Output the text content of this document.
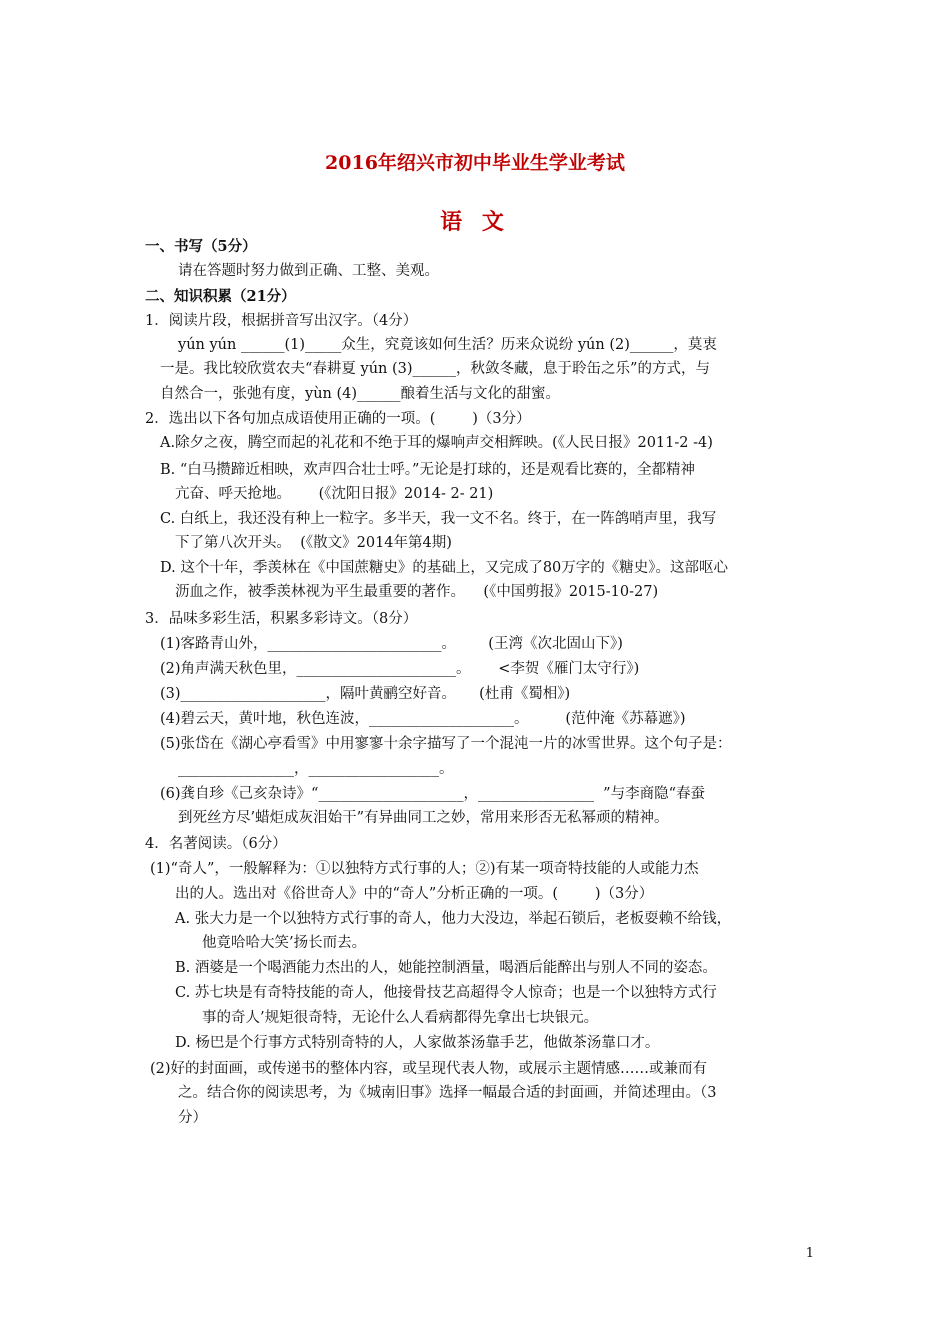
2016年绍兴市初中毕业生学业考试
语 文

一、书写（5分）

请在答题时努力做到正确、工整、美观。

二、知识积累（21分）

1．阅读片段，根据拼音写出汉字。（4分）

yún yún ______(1)_____众生，究竟该如何生活？历来众说纷 yún (2)______，莫衷

一是。我比较欣赏农夫“春耕夏 yún (3)______，秋敛冬藏，息于聆缶之乐”的方式，与

自然合一，张弛有度，yùn (4)______酿着生活与文化的甜蜜。

2．选出以下各句加点成语使用正确的一项。(        )（3分）

A.除夕之夜，腾空而起的礼花和不绝于耳的爆响声交相辉映。(《人民日报》2011-2 -4)

B. “白马攒蹄近相映，欢声四合壮士呼。”无论是打球的，还是观看比赛的，全都精神

亢奋、呼天抢地。      (《沈阳日报》2014- 2- 21)

C. 白纸上，我还没有种上一粒字。多半天，我一文不名。终于，在一阵鸽哨声里，我写

下了第八次开头。  (《散文》2014年第4期)

D. 这个十年，季羡林在《中国蔗糖史》的基础上，又完成了80万字的《糖史》。这部呕心

沥血之作，被季羡林视为平生最重要的著作。    (《中国剪报》2015-10-27)

3．品味多彩生活，积累多彩诗文。（8分）

(1)客路青山外，________________________。       (王湾《次北固山下》)

(2)角声满天秋色里，______________________。      <李贺《雁门太守行》)

(3)____________________，隔叶黄鹂空好音。     (杜甫《蜀相》)

(4)碧云天，黄叶地，秋色连波，____________________。        (范仲淹《苏幕遮》)

(5)张岱在《湖心亭看雪》中用寥寥十余字描写了一个混沌一片的冰雪世界。这个句子是：

________________，__________________。

(6)龚自珍《己亥杂诗》“____________________，________________  ”与李商隐“春蚕

到死丝方尽’蜡炬成灰泪始干”有异曲同工之妙，常用来形否无私幂顽的精神。

4．名著阅读。（6分）

(1)“奇人”，一般解释为：①以独特方式行事的人；②)有某一项奇特技能的人或能力杰

出的人。选出对《俗世奇人》中的“奇人”分析正确的一项。(        )（3分）

A. 张大力是一个以独特方式行事的奇人，他力大没边，举起石锁后，老板耍赖不给钱，

他竟哈哈大笑’扬长而去。

B. 酒婆是一个喝酒能力杰出的人，她能控制酒量，喝酒后能醉出与别人不同的姿态。

C. 苏七块是有奇特技能的奇人，他接骨技艺高超得令人惊奇；也是一个以独特方式行

事的奇人’规矩很奇特，无论什么人看病都得先拿出七块银元。

D. 杨巴是个行事方式特别奇特的人，人家做茶汤靠手艺，他做茶汤靠口才。

(2)好的封面画，或传递书的整体内容，或呈现代表人物，或展示主题情感……或兼而有

之。结合你的阅读思考，为《城南旧事》选择一幅最合适的封面画，并简述理由。（3

分）

1
